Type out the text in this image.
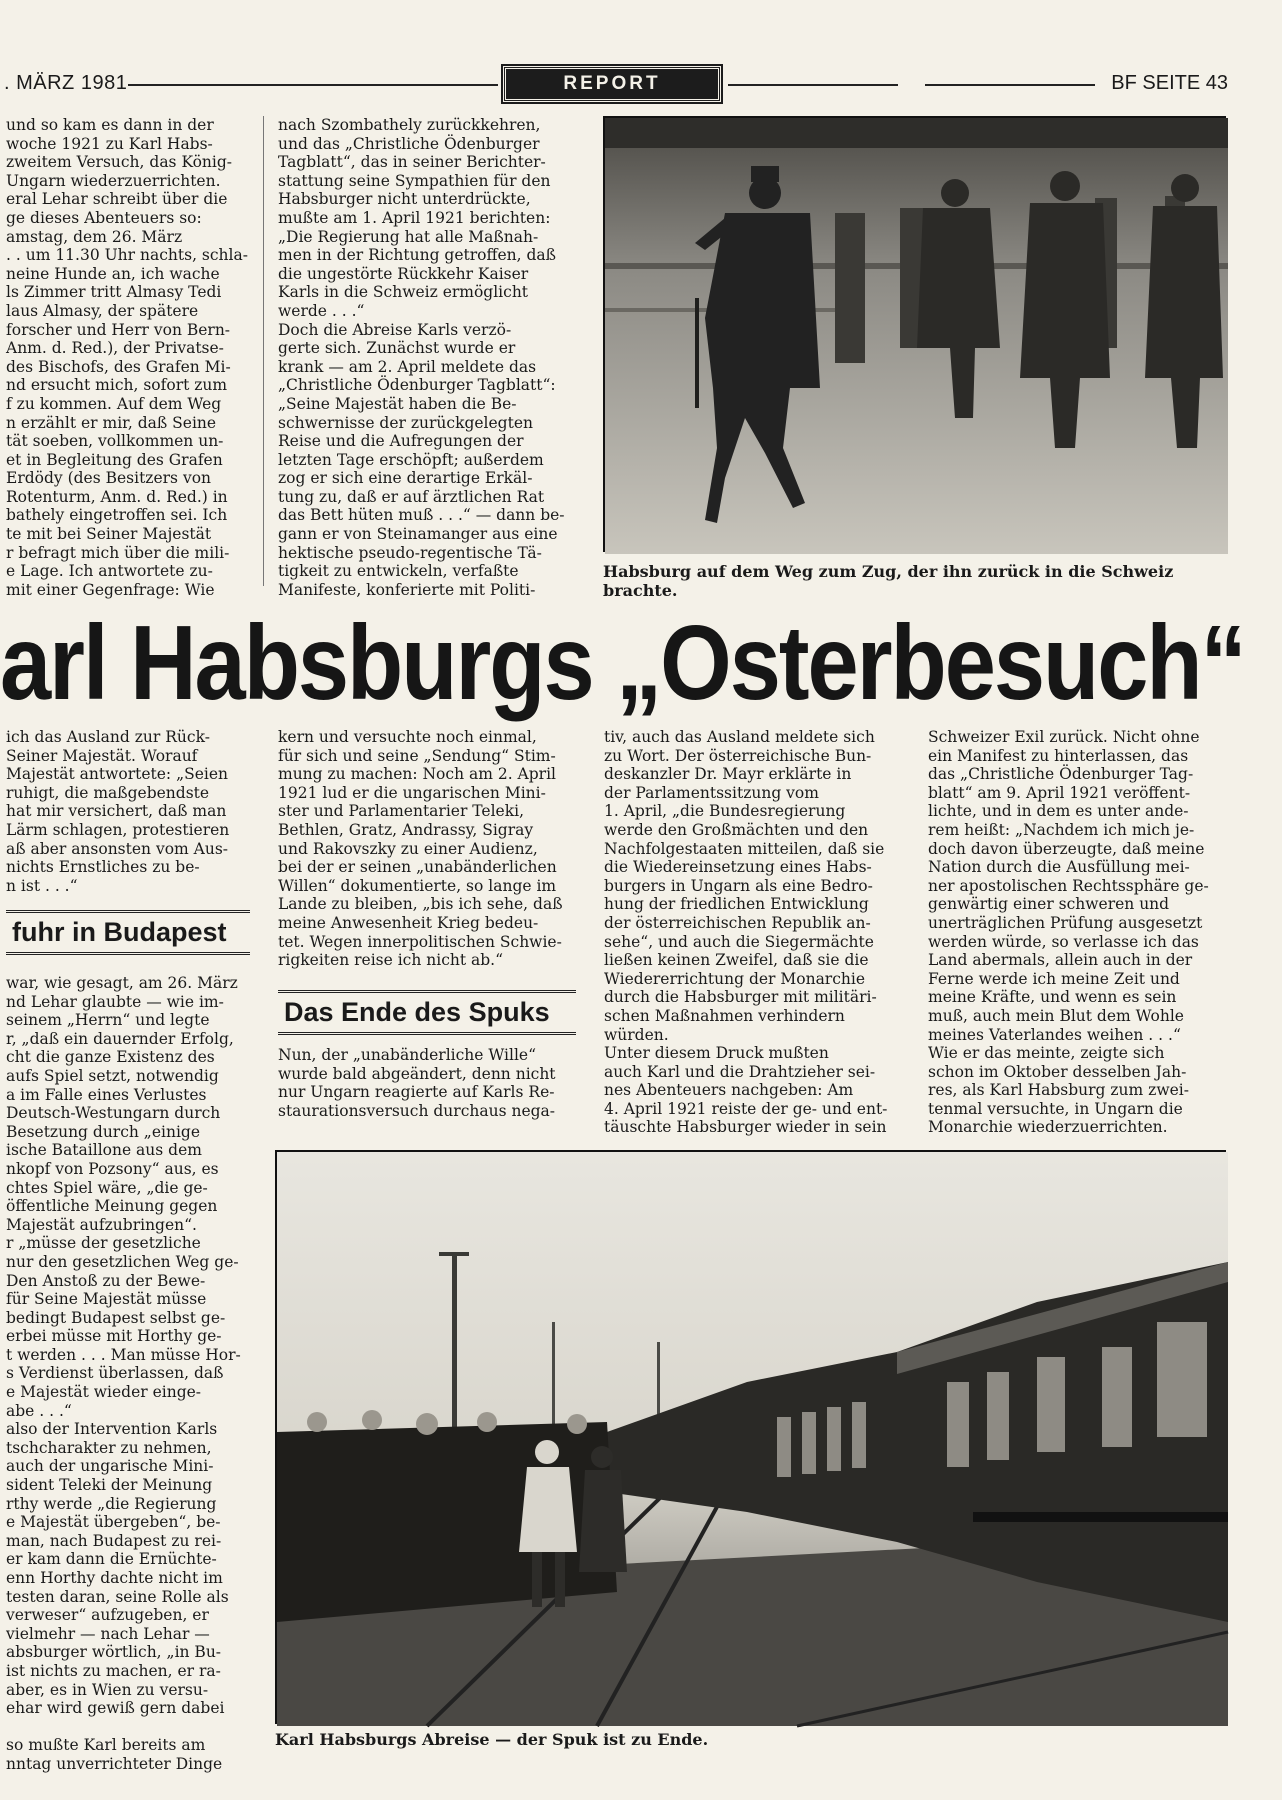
. MÄRZ 1981	REPORT	BF SEITE 43
und so kam es dann in der
woche 1921 zu Karl Habs-
zweitem Versuch, das König-
Ungarn wiederzuerrichten.
eral Lehar schreibt über die
ge dieses Abenteuers so:
amstag, dem 26. März
. . um 11.30 Uhr nachts, schla-
neine Hunde an, ich wache
ls Zimmer tritt Almasy Tedi
laus Almasy, der spätere
forscher und Herr von Bern-
Anm. d. Red.), der Privatse-
des Bischofs, des Grafen Mi-
nd ersucht mich, sofort zum
f zu kommen. Auf dem Weg
n erzählt er mir, daß Seine
tät soeben, vollkommen un-
et in Begleitung des Grafen
Erdödy (des Besitzers von
Rotenturm, Anm. d. Red.) in
bathely eingetroffen sei. Ich
te mit bei Seiner Majestät
r befragt mich über die mili-
e Lage. Ich antwortete zu-
mit einer Gegenfrage: Wie
nach Szombathely zurückkehren,
und das „Christliche Ödenburger
Tagblatt“, das in seiner Berichter-
stattung seine Sympathien für den
Habsburger nicht unterdrückte,
mußte am 1. April 1921 berichten:
„Die Regierung hat alle Maßnah-
men in der Richtung getroffen, daß
die ungestörte Rückkehr Kaiser
Karls in die Schweiz ermöglicht
werde . . .“
Doch die Abreise Karls verzö-
gerte sich. Zunächst wurde er
krank — am 2. April meldete das
„Christliche Ödenburger Tagblatt“:
„Seine Majestät haben die Be-
schwernisse der zurückgelegten
Reise und die Aufregungen der
letzten Tage erschöpft; außerdem
zog er sich eine derartige Erkäl-
tung zu, daß er auf ärztlichen Rat
das Bett hüten muß . . .“ — dann be-
gann er von Steinamanger aus eine
hektische pseudo-regentische Tä-
tigkeit zu entwickeln, verfaßte
Manifeste, konferierte mit Politi-
Habsburg auf dem Weg zum Zug, der ihn zurück in die Schweiz brachte.
arl Habsburgs „Osterbesuch“
ich das Ausland zur Rück-
Seiner Majestät. Worauf
Majestät antwortete: „Seien
ruhigt, die maßgebendste
hat mir versichert, daß man
Lärm schlagen, protestieren
aß aber ansonsten vom Aus-
nichts Ernstliches zu be-
n ist . . .“
fuhr in Budapest
war, wie gesagt, am 26. März
nd Lehar glaubte — wie im-
seinem „Herrn“ und legte
r, „daß ein dauernder Erfolg,
cht die ganze Existenz des
aufs Spiel setzt, notwendig
a im Falle eines Verlustes
Deutsch-Westungarn durch
Besetzung durch „einige
ische Bataillone aus dem
nkopf von Pozsony“ aus, es
chtes Spiel wäre, „die ge-
öffentliche Meinung gegen
Majestät aufzubringen“.
r „müsse der gesetzliche
nur den gesetzlichen Weg ge-
Den Anstoß zu der Bewe-
für Seine Majestät müsse
bedingt Budapest selbst ge-
erbei müsse mit Horthy ge-
t werden . . . Man müsse Hor-
s Verdienst überlassen, daß
e Majestät wieder einge-
abe . . .“
also der Intervention Karls
tschcharakter zu nehmen,
auch der ungarische Mini-
sident Teleki der Meinung
rthy werde „die Regierung
e Majestät übergeben“, be-
man, nach Budapest zu rei-
er kam dann die Ernüchte-
enn Horthy dachte nicht im
testen daran, seine Rolle als
verweser“ aufzugeben, er
vielmehr — nach Lehar —
absburger wörtlich, „in Bu-
ist nichts zu machen, er ra-
aber, es in Wien zu versu-
ehar wird gewiß gern dabei

so mußte Karl bereits am
nntag unverrichteter Dinge
kern und versuchte noch einmal,
für sich und seine „Sendung“ Stim-
mung zu machen: Noch am 2. April
1921 lud er die ungarischen Mini-
ster und Parlamentarier Teleki,
Bethlen, Gratz, Andrassy, Sigray
und Rakovszky zu einer Audienz,
bei der er seinen „unabänderlichen
Willen“ dokumentierte, so lange im
Lande zu bleiben, „bis ich sehe, daß
meine Anwesenheit Krieg bedeu-
tet. Wegen innerpolitischen Schwie-
rigkeiten reise ich nicht ab.“
Das Ende des Spuks
Nun, der „unabänderliche Wille“
wurde bald abgeändert, denn nicht
nur Ungarn reagierte auf Karls Re-
staurationsversuch durchaus nega-
tiv, auch das Ausland meldete sich
zu Wort. Der österreichische Bun-
deskanzler Dr. Mayr erklärte in
der Parlamentssitzung vom
1. April, „die Bundesregierung
werde den Großmächten und den
Nachfolgestaaten mitteilen, daß sie
die Wiedereinsetzung eines Habs-
burgers in Ungarn als eine Bedro-
hung der friedlichen Entwicklung
der österreichischen Republik an-
sehe“, und auch die Siegermächte
ließen keinen Zweifel, daß sie die
Wiedererrichtung der Monarchie
durch die Habsburger mit militäri-
schen Maßnahmen verhindern
würden.
Unter diesem Druck mußten
auch Karl und die Drahtzieher sei-
nes Abenteuers nachgeben: Am
4. April 1921 reiste der ge- und ent-
täuschte Habsburger wieder in sein
Schweizer Exil zurück. Nicht ohne
ein Manifest zu hinterlassen, das
das „Christliche Ödenburger Tag-
blatt“ am 9. April 1921 veröffent-
lichte, und in dem es unter ande-
rem heißt: „Nachdem ich mich je-
doch davon überzeugte, daß meine
Nation durch die Ausfüllung mei-
ner apostolischen Rechtssphäre ge-
genwärtig einer schweren und
unerträglichen Prüfung ausgesetzt
werden würde, so verlasse ich das
Land abermals, allein auch in der
Ferne werde ich meine Zeit und
meine Kräfte, und wenn es sein
muß, auch mein Blut dem Wohle
meines Vaterlandes weihen . . .“
Wie er das meinte, zeigte sich
schon im Oktober desselben Jah-
res, als Karl Habsburg zum zwei-
tenmal versuchte, in Ungarn die
Monarchie wiederzuerrichten.
Karl Habsburgs Abreise — der Spuk ist zu Ende.
